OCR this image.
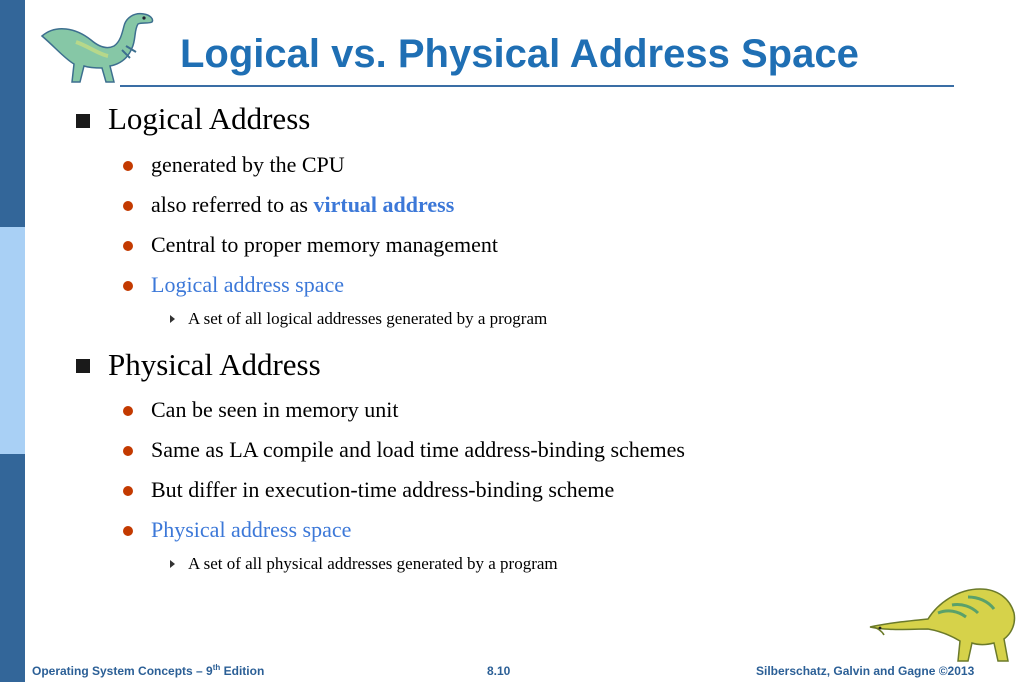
Logical vs. Physical Address Space
Logical Address
generated by the CPU
also referred to as virtual address
Central to proper memory management
Logical address space
A set of all logical addresses generated by a program
Physical Address
Can be seen in memory unit
Same as LA compile and load time address-binding schemes
But differ in execution-time address-binding scheme
Physical address space
A set of all physical addresses generated by a program
Operating System Concepts – 9th Edition	8.10	Silberschatz, Galvin and Gagne ©2013
